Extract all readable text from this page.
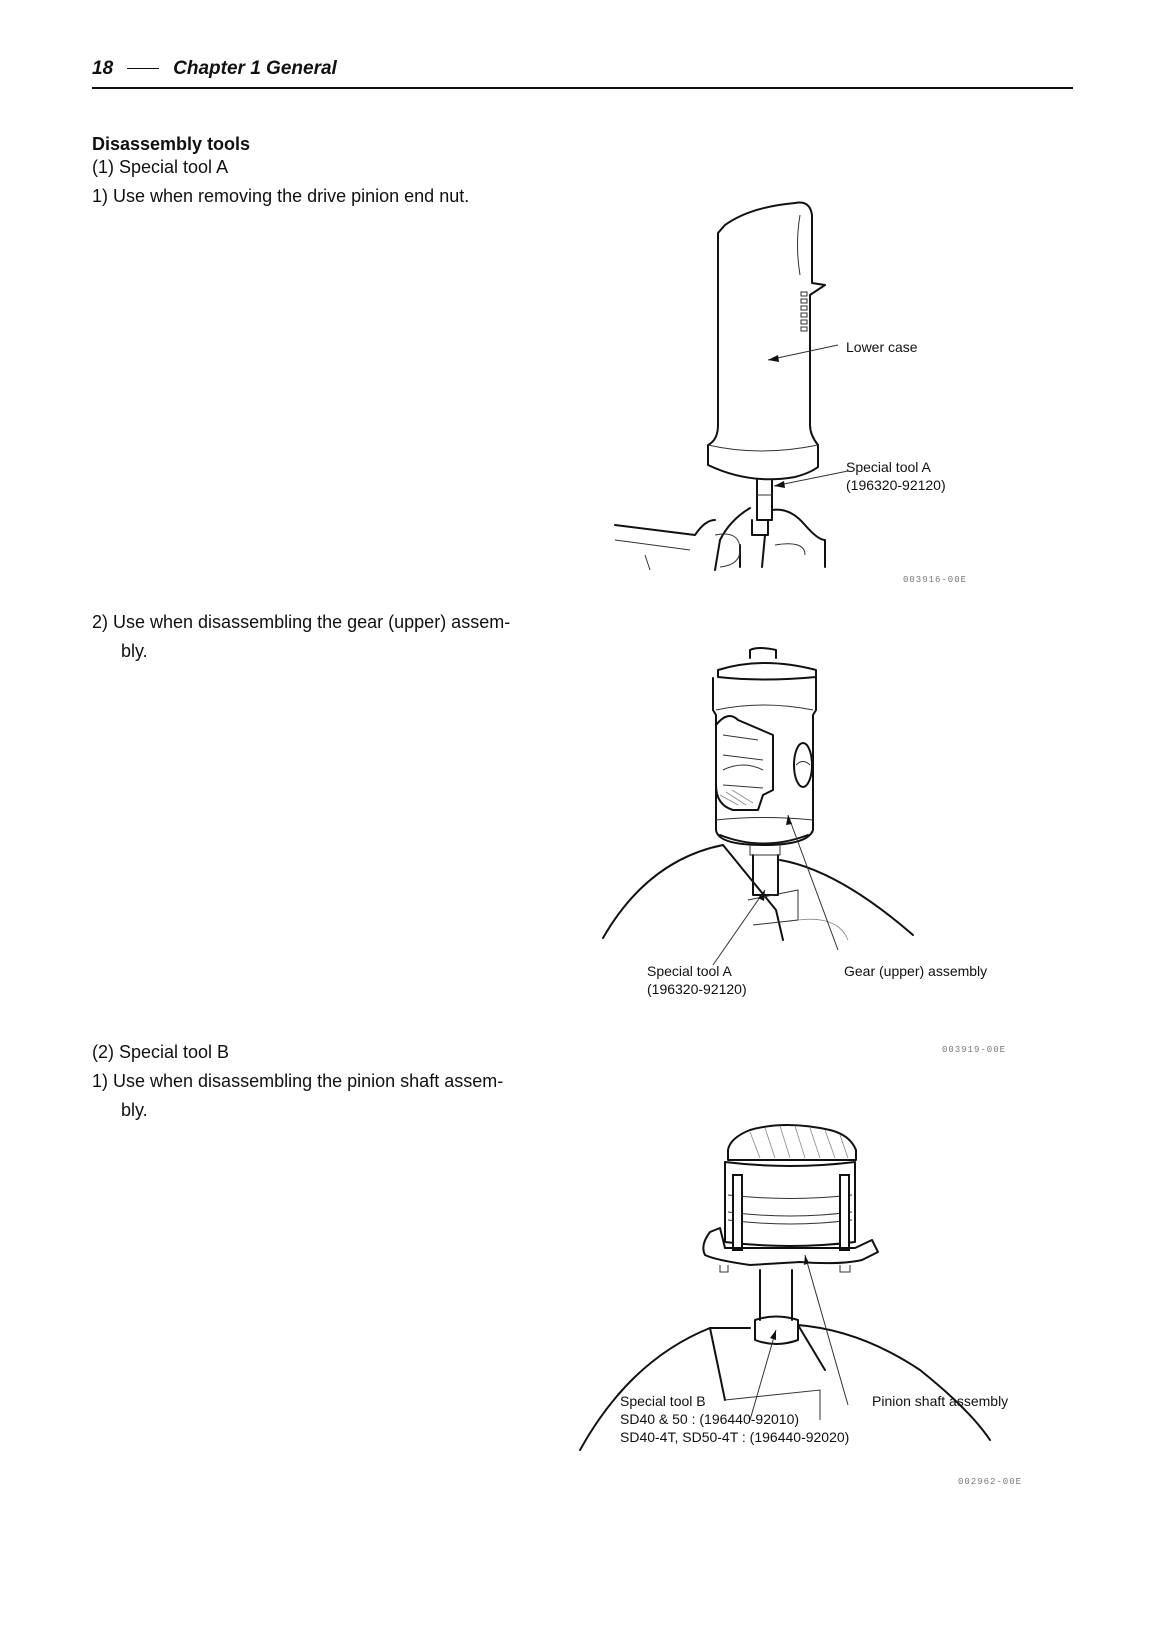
18	Chapter 1 General
Disassembly tools
(1) Special tool A
1) Use when removing the drive pinion end nut.
2) Use when disassembling the gear (upper) assem-
bly.
(2) Special tool B
1) Use when disassembling the pinion shaft assem-
bly.
Lower case
Special tool A
(196320-92120)
003916-00E
Special tool A
(196320-92120)
Gear (upper) assembly
003919-00E
Special tool B
SD40 & 50 : (196440-92010)
SD40-4T, SD50-4T : (196440-92020)
Pinion shaft assembly
002962-00E
